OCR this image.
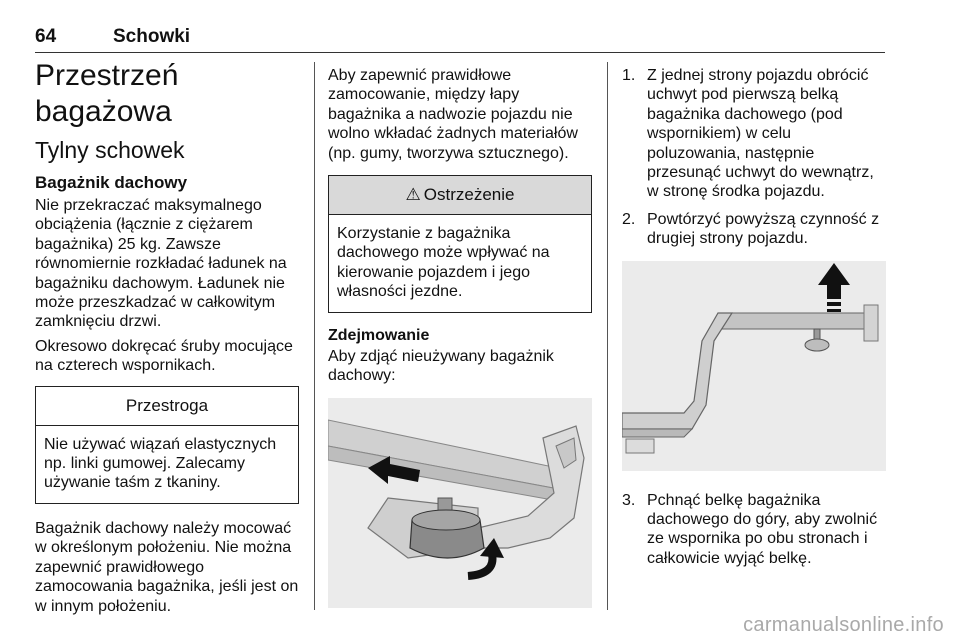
64	Schowki
Przestrzeń bagażowa
Tylny schowek
Bagażnik dachowy

Nie przekraczać maksymalnego obciążenia (łącznie z ciężarem bagażnika) 25 kg. Zawsze równomiernie rozkładać ładunek na bagażniku dachowym. Ładunek nie może przeszkadzać w całkowitym zamknięciu drzwi.

Okresowo dokręcać śruby mocujące na czterech wspornikach.

Przestroga
Nie używać wiązań elastycznych np. linki gumowej. Zalecamy używanie taśm z tkaniny.

Bagażnik dachowy należy mocować w określonym położeniu. Nie można zapewnić prawidłowego zamocowania bagażnika, jeśli jest on w innym położeniu.

Aby zapewnić prawidłowe zamocowanie, między łapy bagażnika a nadwozie pojazdu nie wolno wkładać żadnych materiałów (np. gumy, tworzywa sztucznego).

⚠ Ostrzeżenie
Korzystanie z bagażnika dachowego może wpływać na kierowanie pojazdem i jego własności jezdne.
Zdejmowanie

Aby zdjąć nieużywany bagażnik dachowy:

1. Z jednej strony pojazdu obrócić uchwyt pod pierwszą belką bagażnika dachowego (pod wspornikiem) w celu poluzowania, następnie przesunąć uchwyt do wewnątrz, w stronę środka pojazdu.
2. Powtórzyć powyższą czynność z drugiej strony pojazdu.
3. Pchnąć belkę bagażnika dachowego do góry, aby zwolnić ze wspornika po obu stronach i całkowicie wyjąć belkę.
carmanualsonline.info
